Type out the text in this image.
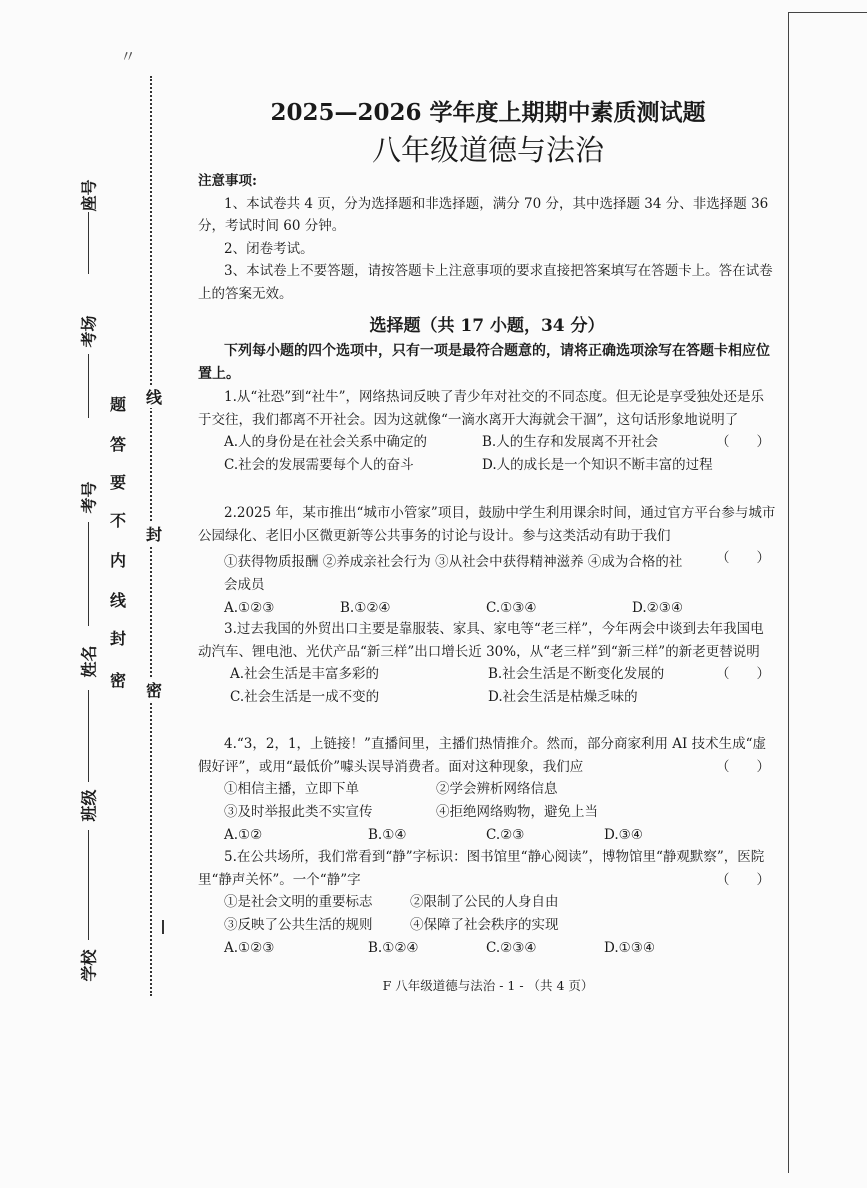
〃
线
封
密
密
封
线
内
不
要
答
题
座号
考场
考号
姓名
班级
学校
2025—2026 学年度上期期中素质测试题
八年级道德与法治

注意事项:

1、本试卷共 4 页，分为选择题和非选择题，满分 70 分，其中选择题 34 分、非选择题 36 分，考试时间 60 分钟。

2、闭卷考试。

3、本试卷上不要答题，请按答题卡上注意事项的要求直接把答案填写在答题卡上。答在试卷上的答案无效。

选择题（共 17 小题，34 分）

下列每小题的四个选项中，只有一项是最符合题意的，请将正确选项涂写在答题卡相应位置上。

1.从“社恐”到“社牛”，网络热词反映了青少年对社交的不同态度。但无论是享受独处还是乐于交往，我们都离不开社会。因为这就像“一滴水离开大海就会干涸”，这句话形象地说明了
（　　）

A.人的身份是在社会关系中确定的	B.人的生存和发展离不开社会
C.社会的发展需要每个人的奋斗	D.人的成长是一个知识不断丰富的过程

2.2025 年，某市推出“城市小管家”项目，鼓励中学生利用课余时间，通过官方平台参与城市公园绿化、老旧小区微更新等公共事务的讨论与设计。参与这类活动有助于我们

（　　）

①获得物质报酬 ②养成亲社会行为 ③从社会中获得精神滋养 ④成为合格的社会成员
A.①②③	B.①②④	C.①③④	D.②③④

3.过去我国的外贸出口主要是靠服装、家具、家电等“老三样”，今年两会中谈到去年我国电动汽车、锂电池、光伏产品“新三样”出口增长近 30%，从“老三样”到“新三样”的新老更替说明
（　　）

A.社会生活是丰富多彩的	B.社会生活是不断变化发展的
C.社会生活是一成不变的	D.社会生活是枯燥乏味的

4.“3，2，1，上链接！”直播间里，主播们热情推介。然而，部分商家利用 AI 技术生成“虚假好评”，或用“最低价”噱头误导消费者。面对这种现象，我们应	（　　）

①相信主播，立即下单	②学会辨析网络信息
③及时举报此类不实宣传	④拒绝网络购物，避免上当
A.①②	B.①④	C.②③	D.③④

5.在公共场所，我们常看到“静”字标识：图书馆里“静心阅读”，博物馆里“静观默察”，医院里“静声关怀”。一个“静”字	（　　）

①是社会文明的重要标志	②限制了公民的人身自由
③反映了公共生活的规则	④保障了社会秩序的实现
A.①②③	B.①②④	C.②③④	D.①③④
F 八年级道德与法治 - 1 - （共 4 页）
